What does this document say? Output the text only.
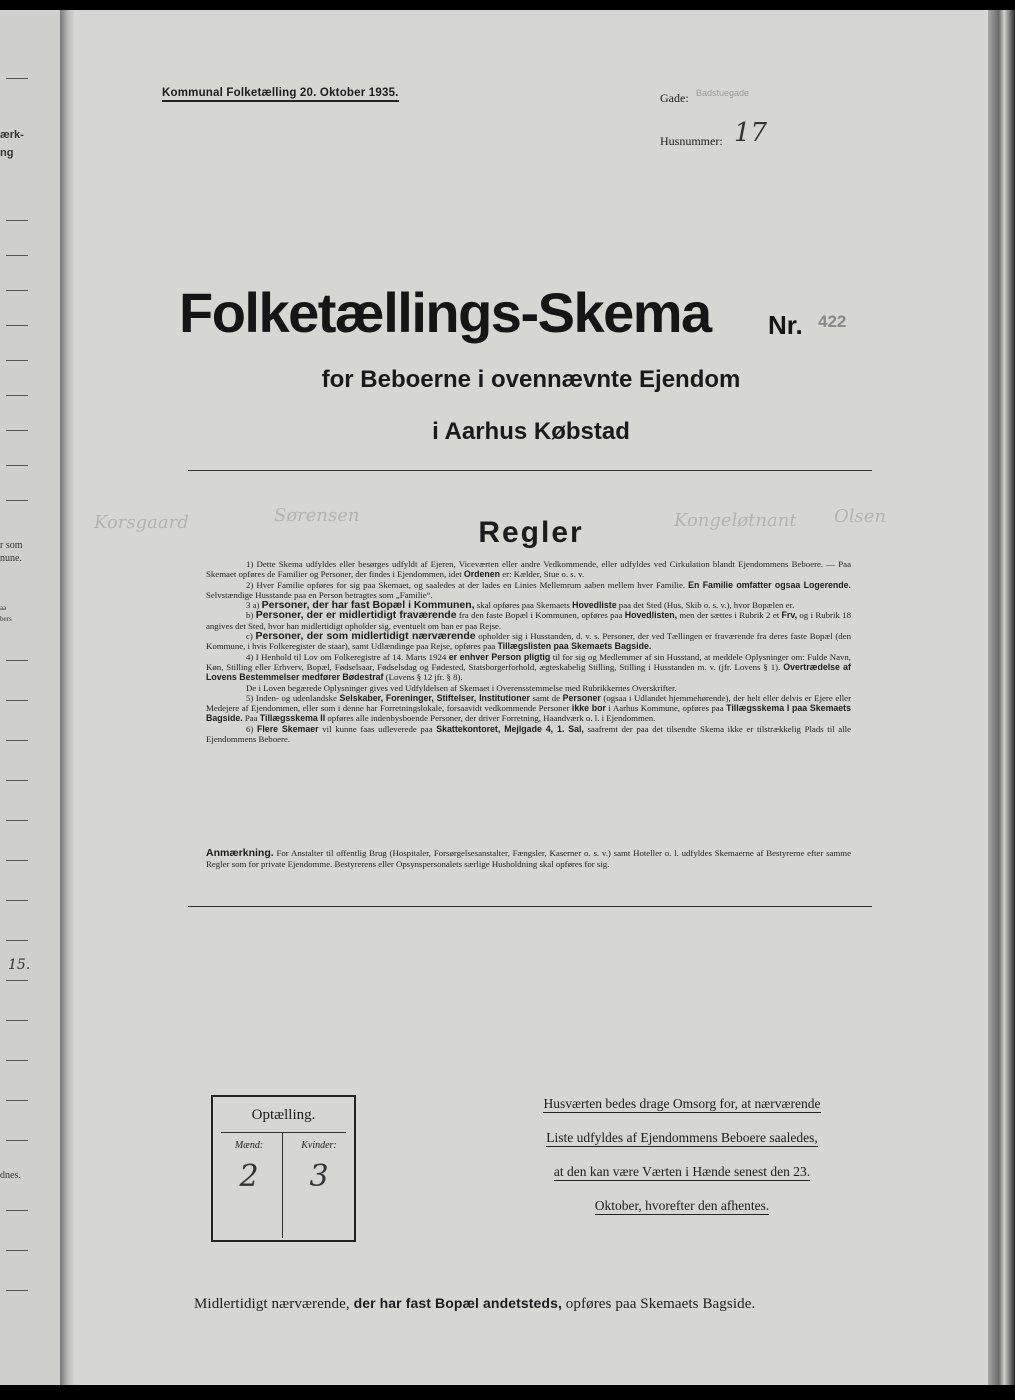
ærk-
ng
r som
nune.
aa
bers
dnes.
15.
Kommunal Folketælling 20. Oktober 1935.	Gade: Badstuegade
Husnummer: 17
Folketællings-Skema Nr. 422
for Beboerne i ovennævnte Ejendom
i Aarhus Købstad
Korsgaard	Sørensen	Kongeløtnant Olsen
Regler

1) Dette Skema udfyldes eller besørges udfyldt af Ejeren, Viceværten eller andre Vedkommende, eller udfyldes ved Cirkulation blandt Ejendommens Beboere. — Paa Skemaet opføres de Familier og Personer, der findes i Ejendommen, idet Ordenen er: Kælder, Stue o. s. v.

2) Hver Familie opføres for sig paa Skemaet, og saaledes at der lades en Linies Mellemrum aaben mellem hver Familie. En Familie omfatter ogsaa Logerende. Selvstændige Husstande paa en Person betragtes som „Familie“.

3 a) Personer, der har fast Bopæl i Kommunen, skal opføres paa Skemaets Hovedliste paa det Sted (Hus, Skib o. s. v.), hvor Bopælen er.

b) Personer, der er midlertidigt fraværende fra den faste Bopæl i Kommunen, opføres paa Hovedlisten, men der sættes i Rubrik 2 et Frv, og i Rubrik 18 angives det Sted, hvor han midlertidigt opholder sig, eventuelt om han er paa Rejse.

c) Personer, der som midlertidigt nærværende opholder sig i Husstanden, d. v. s. Personer, der ved Tællingen er fraværende fra deres faste Bopæl (den Kommune, i hvis Folkeregister de staar), samt Udlændinge paa Rejse, opføres paa Tillægslisten paa Skemaets Bagside.

4) I Henhold til Lov om Folkeregistre af 14. Marts 1924 er enhver Person pligtig til for sig og Medlemmer af sin Husstand, at meddele Oplysninger om: Fulde Navn, Køn, Stilling eller Erhverv, Bopæl, Fødselsaar, Fødselsdag og Fødested, Statsborgerforhold, ægteskabelig Stilling, Stilling i Husstanden m. v. (jfr. Lovens § 1). Overtrædelse af Lovens Bestemmelser medfører Bødestraf (Lovens § 12 jfr. § 8).

De i Loven begærede Oplysninger gives ved Udfyldelsen af Skemaet i Overensstemmelse med Rubrikkernes Overskrifter.

5) Inden- og udenlandske Selskaber, Foreninger, Stiftelser, Institutioner samt de Personer (ogsaa i Udlandet hjemmehørende), der helt eller delvis er Ejere eller Medejere af Ejendommen, eller som i denne har Forretningslokale, forsaavidt vedkommende Personer ikke bor i Aarhus Kommune, opføres paa Tillægsskema I paa Skemaets Bagside. Paa Tillægsskema II opføres alle indenbysboende Personer, der driver Forretning, Haandværk o. l. i Ejendommen.

6) Flere Skemaer vil kunne faas udleverede paa Skattekontoret, Mejlgade 4, 1. Sal, saafremt der paa det tilsendte Skema ikke er tilstrækkelig Plads til alle Ejendommens Beboere.

Anmærkning. For Anstalter til offentlig Brug (Hospitaler, Forsørgelsesanstalter, Fængsler, Kaserner o. s. v.) samt Hoteller o. l. udfyldes Skemaerne af Bestyrerne efter samme Regler som for private Ejendomme. Bestyrerens eller Opsynspersonalets særlige Husholdning skal opføres for sig.
Optælling.
Mænd:	Kvinder:
2	3
Husværten bedes drage Omsorg for, at nærværende
Liste udfyldes af Ejendommens Beboere saaledes,
at den kan være Værten i Hænde senest den 23.
Oktober, hvorefter den afhentes.
Midlertidigt nærværende, der har fast Bopæl andetsteds, opføres paa Skemaets Bagside.
